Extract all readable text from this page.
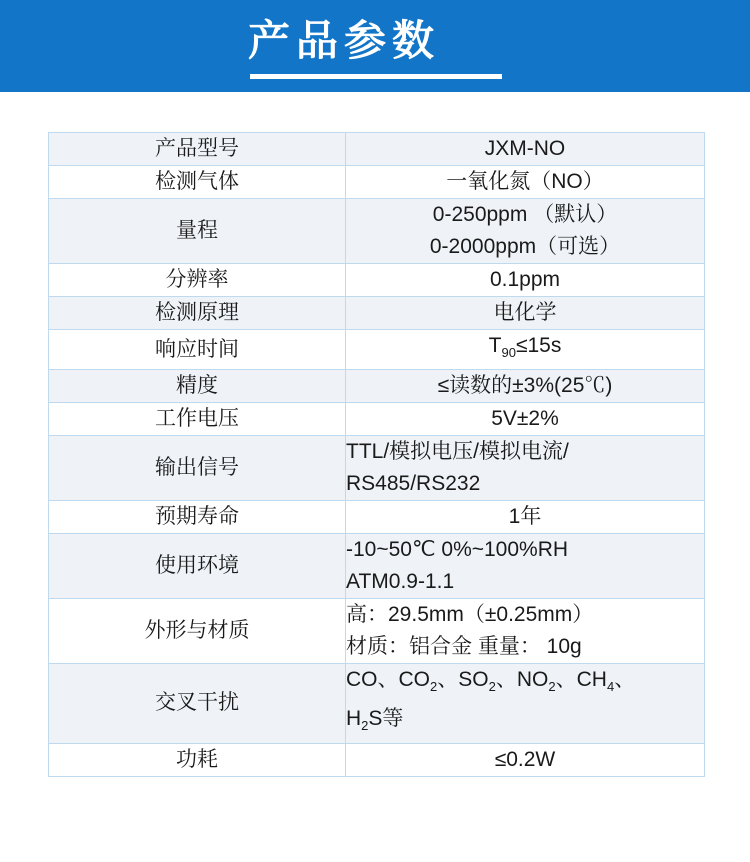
产品参数
产品型号	JXM-NO

检测气体	一氧化氮（NO）

量程	0-250ppm （默认）
0-2000ppm（可选）

分辨率	0.1ppm

检测原理	电化学

响应时间	$T_{90}\le 15s$

精度	≤读数的±3%(25℃)

工作电压	5V±2%

输出信号	TTL/模拟电压/模拟电流/
RS485/RS232

预期寿命	1年

使用环境	-10~50℃ 0%~100%RH
ATM0.9-1.1

外形与材质	高：29.5mm（±0.25mm）
材质：铝合金 重量： 10g

交叉干扰	CO、$CO_2$、$SO_2$、$NO_2$、$CH_4$、
$H_2S$等

功耗	≤0.2W
